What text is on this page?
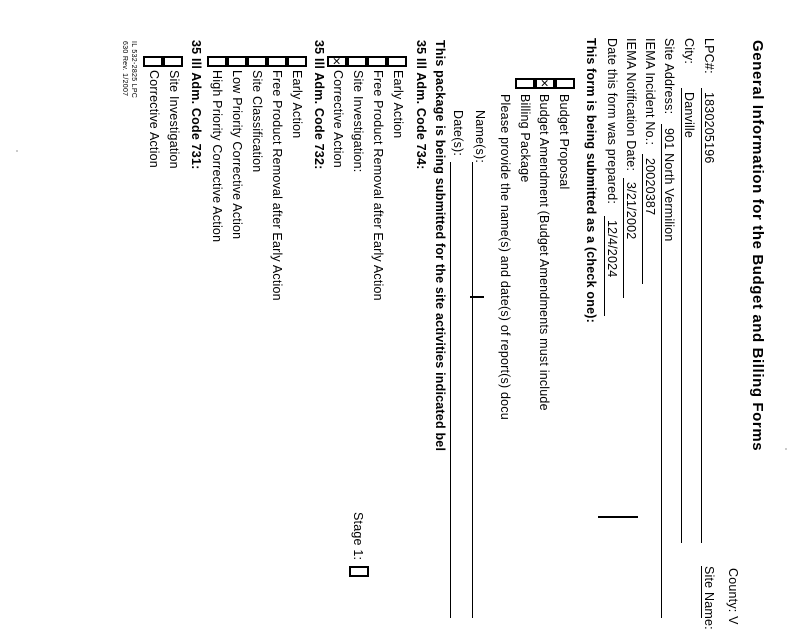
General Information for the Budget and Billing Forms
County: V
LPC#:
1830205196
Site Name:
City:
Danville
Site Address:
901 North Vermilion
IEMA Incident No.:
20020387
IEMA Notification Date:
3/21/2002
Date this form was prepared:
12/4/2024
This form is being submitted as a (check one):
Budget Proposal
×
Budget Amendment (Budget Amendments must include
Billing Package
Please provide the name(s) and date(s) of report(s) docu
Name(s):
Date(s):
This package is being submitted for the site activities indicated bel
35 Ill Adm. Code 734:
Early Action
Free Product Removal after Early Action
Site Investigation:
Stage 1:
×
Corrective Action
35 Ill Adm. Code 732:
Early Action
Free Product Removal after Early Action
Site Classification
Low Priority Corrective Action
High Priority Corrective Action
35 Ill Adm. Code 731:
Site Investigation
Corrective Action
IL 532-2825 LPC
630 Rev. 1/2007
